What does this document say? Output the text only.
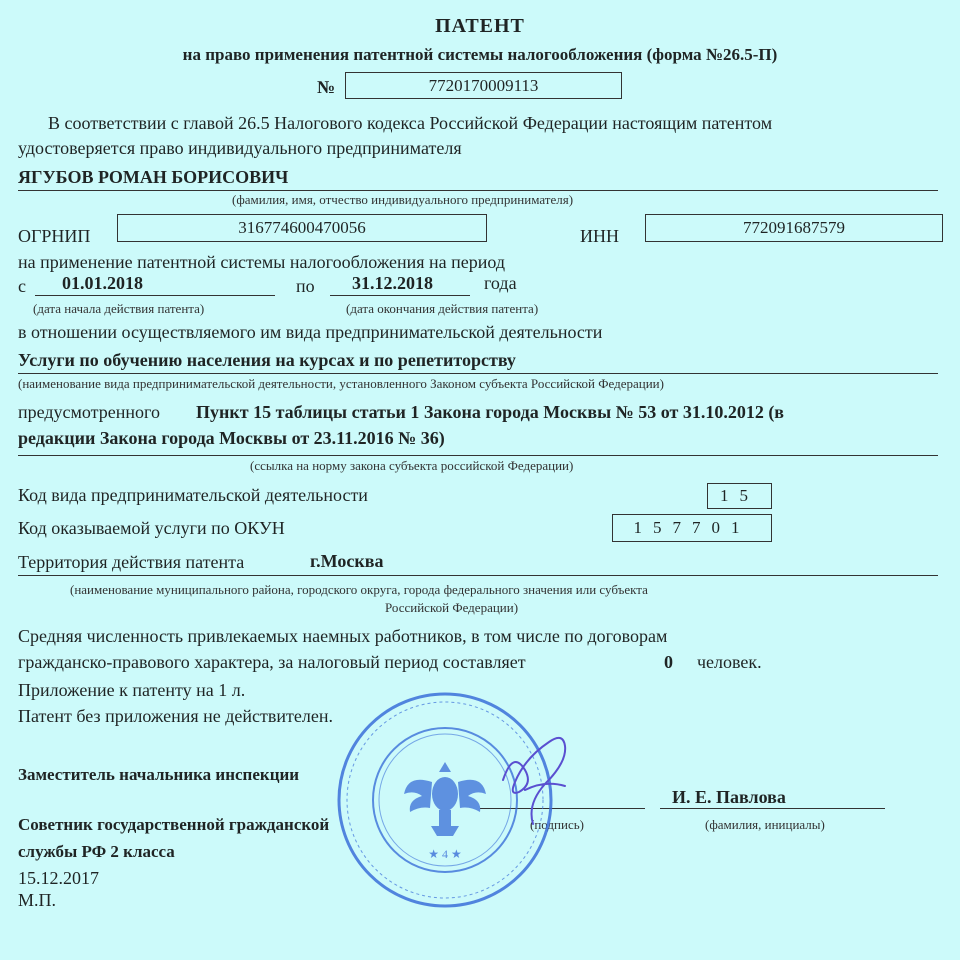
ПАТЕНТ
на право применения патентной системы налогообложения (форма №26.5-П)
№	7720170009113
В соответствии с главой 26.5 Налогового кодекса Российской Федерации настоящим патентом
удостоверяется право индивидуального предпринимателя
ЯГУБОВ РОМАН БОРИСОВИЧ
(фамилия, имя, отчество индивидуального предпринимателя)
ОГРНИП	316774600470056	ИНН	772091687579
на применение патентной системы налогообложения на период
с 01.01.2018	по 31.12.2018	года
(дата начала действия патента)	(дата окончания действия патента)
в отношении осуществляемого им вида предпринимательской деятельности
Услуги по обучению населения на курсах и по репетиторству
(наименование вида предпринимательской деятельности, установленного Законом субъекта Российской Федерации)
предусмотренного Пункт 15 таблицы статьи 1 Закона города Москвы № 53 от 31.10.2012 (в
редакции Закона города Москвы от 23.11.2016 № 36)
(ссылка на норму закона субъекта российской Федерации)
Код вида предпринимательской деятельности	15
Код оказываемой услуги по ОКУН	157701
Территория действия патента	г.Москва
(наименование муниципального района, городского округа, города федерального значения или субъекта
Российской Федерации)
Средняя численность привлекаемых наемных работников, в том числе по договорам
гражданско-правового характера, за налоговый период составляет	0 человек.
Приложение к патенту на 1 л.
Патент без приложения не действителен.
Заместитель начальника инспекции
И. Е. Павлова
(подпись)	(фамилия, инициалы)
Советник государственной гражданской
службы РФ 2 класса
15.12.2017
М.П.
★ 4 ★
